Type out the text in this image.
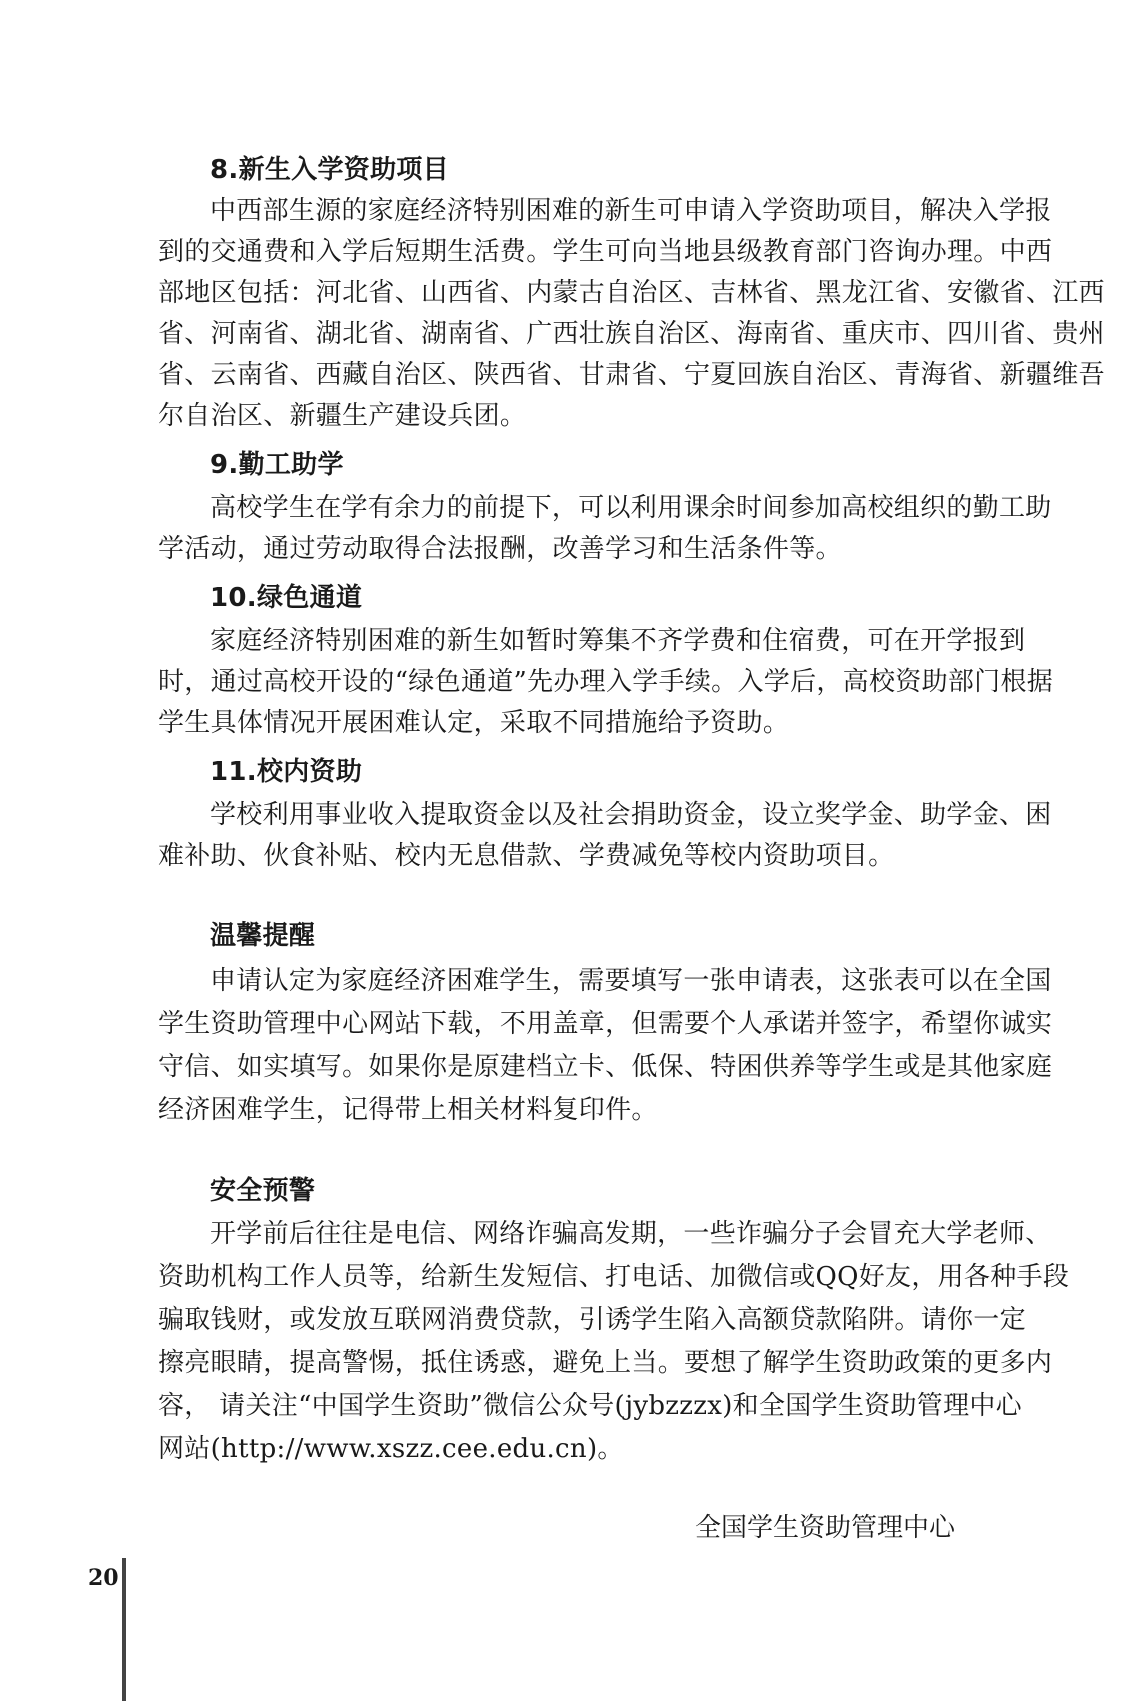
8.新生入学资助项目
中西部生源的家庭经济特别困难的新生可申请入学资助项目，解决入学报
到的交通费和入学后短期生活费。学生可向当地县级教育部门咨询办理。中西
部地区包括：河北省、山西省、内蒙古自治区、吉林省、黑龙江省、安徽省、江西
省、河南省、湖北省、湖南省、广西壮族自治区、海南省、重庆市、四川省、贵州
省、云南省、西藏自治区、陕西省、甘肃省、宁夏回族自治区、青海省、新疆维吾
尔自治区、新疆生产建设兵团。
9.勤工助学
高校学生在学有余力的前提下，可以利用课余时间参加高校组织的勤工助
学活动，通过劳动取得合法报酬，改善学习和生活条件等。
10.绿色通道
家庭经济特别困难的新生如暂时筹集不齐学费和住宿费，可在开学报到
时，通过高校开设的“绿色通道”先办理入学手续。入学后，高校资助部门根据
学生具体情况开展困难认定，采取不同措施给予资助。
11.校内资助
学校利用事业收入提取资金以及社会捐助资金，设立奖学金、助学金、困
难补助、伙食补贴、校内无息借款、学费减免等校内资助项目。
温馨提醒
申请认定为家庭经济困难学生，需要填写一张申请表，这张表可以在全国
学生资助管理中心网站下载，不用盖章，但需要个人承诺并签字，希望你诚实
守信、如实填写。如果你是原建档立卡、低保、特困供养等学生或是其他家庭
经济困难学生，记得带上相关材料复印件。
安全预警
开学前后往往是电信、网络诈骗高发期，一些诈骗分子会冒充大学老师、
资助机构工作人员等，给新生发短信、打电话、加微信或QQ好友，用各种手段
骗取钱财，或发放互联网消费贷款，引诱学生陷入高额贷款陷阱。请你一定
擦亮眼睛，提高警惕，抵住诱惑，避免上当。要想了解学生资助政策的更多内
容， 请关注“中国学生资助”微信公众号(jybzzzx)和全国学生资助管理中心
网站(http://www.xszz.cee.edu.cn)。
全国学生资助管理中心
20
